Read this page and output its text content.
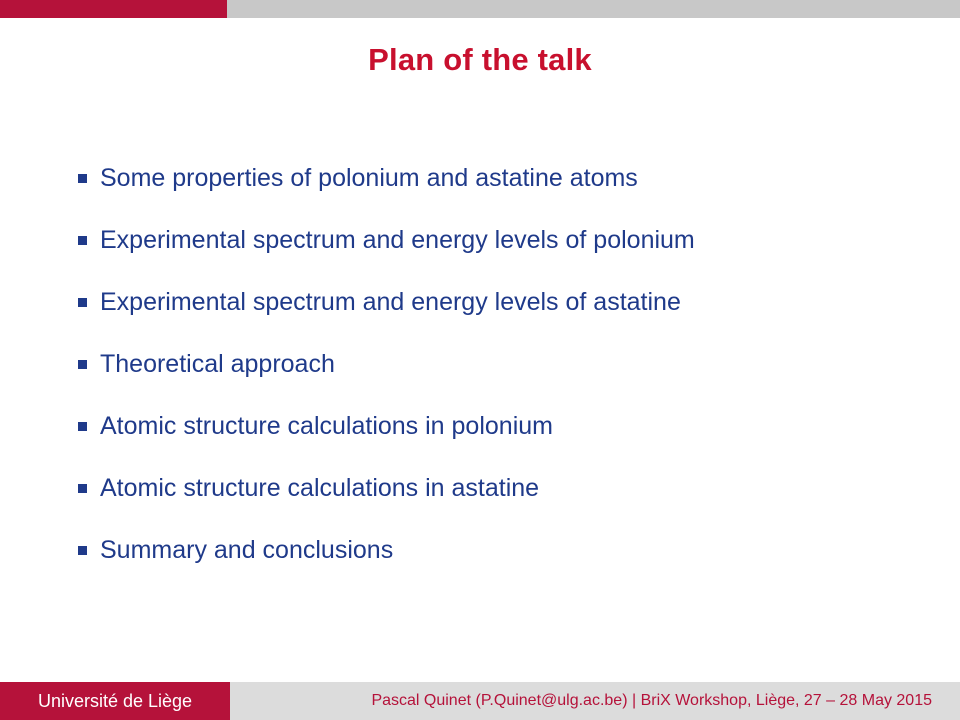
Plan of the talk
Some properties of polonium and astatine atoms
Experimental spectrum and energy levels of polonium
Experimental spectrum and energy levels of astatine
Theoretical approach
Atomic structure calculations in polonium
Atomic structure calculations in astatine
Summary and conclusions
Université de Liège	Pascal Quinet (P.Quinet@ulg.ac.be) | BriX Workshop, Liège, 27 – 28 May 2015
